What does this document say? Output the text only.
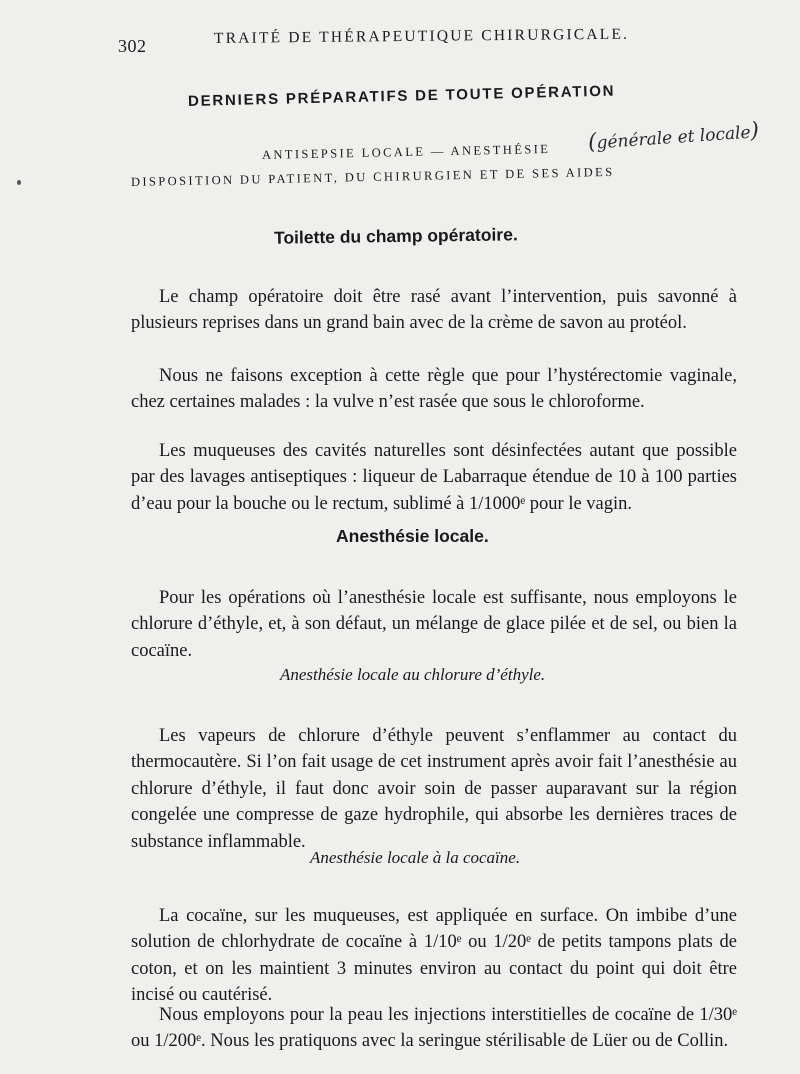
302	TRAITÉ DE THÉRAPEUTIQUE CHIRURGICALE.
DERNIERS PRÉPARATIFS DE TOUTE OPÉRATION
ANTISEPSIE LOCALE — ANESTHÉSIE (générale et locale)
DISPOSITION DU PATIENT, DU CHIRURGIEN ET DE SES AIDES
Toilette du champ opératoire.

Le champ opératoire doit être rasé avant l’intervention, puis savonné à plusieurs reprises dans un grand bain avec de la crème de savon au protéol.

Nous ne faisons exception à cette règle que pour l’hystérectomie vaginale, chez certaines malades : la vulve n’est rasée que sous le chloroforme.

Les muqueuses des cavités naturelles sont désinfectées autant que possible par des lavages antiseptiques : liqueur de Labarraque étendue de 10 à 100 parties d’eau pour la bouche ou le rectum, sublimé à 1/1000ᵉ pour le vagin.

Anesthésie locale.

Pour les opérations où l’anesthésie locale est suffisante, nous employons le chlorure d’éthyle, et, à son défaut, un mélange de glace pilée et de sel, ou bien la cocaïne.

Anesthésie locale au chlorure d’éthyle.

Les vapeurs de chlorure d’éthyle peuvent s’enflammer au contact du thermocautère. Si l’on fait usage de cet instrument après avoir fait l’anesthésie au chlorure d’éthyle, il faut donc avoir soin de passer auparavant sur la région congelée une compresse de gaze hydrophile, qui absorbe les dernières traces de substance inflammable.

Anesthésie locale à la cocaïne.

La cocaïne, sur les muqueuses, est appliquée en surface. On imbibe d’une solution de chlorhydrate de cocaïne à 1/10ᵉ ou 1/20ᵉ de petits tampons plats de coton, et on les maintient 3 minutes environ au contact du point qui doit être incisé ou cautérisé.

Nous employons pour la peau les injections interstitielles de cocaïne de 1/30ᵉ ou 1/200ᵉ. Nous les pratiquons avec la seringue stérilisable de Lüer ou de Collin.
